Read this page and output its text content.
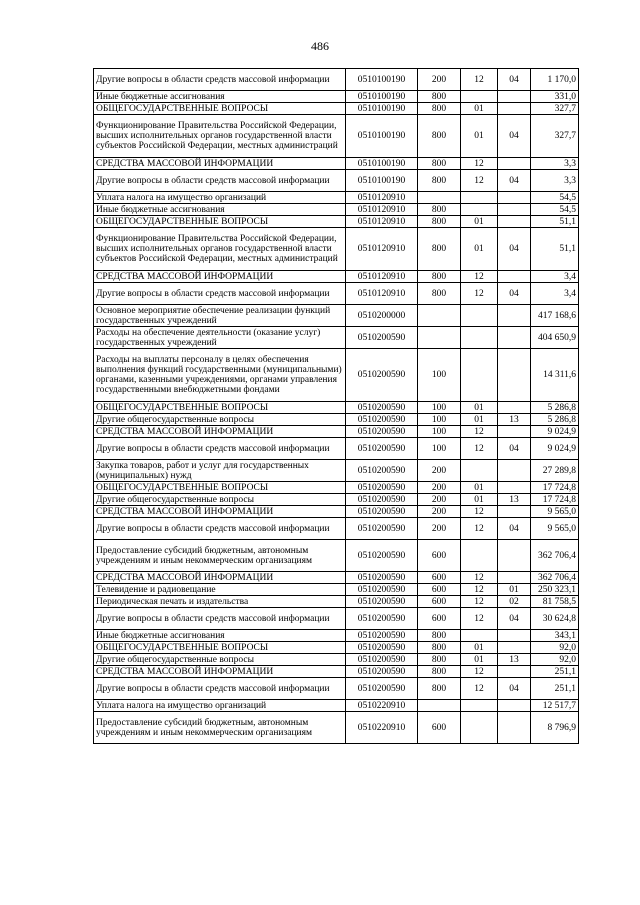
486
Другие вопросы в области средств массовой информации	0510100190	200	12	04	1 170,0
Иные бюджетные ассигнования	0510100190	800			331,0
ОБЩЕГОСУДАРСТВЕННЫЕ ВОПРОСЫ	0510100190	800	01		327,7
Функционирование Правительства Российской Федерации, высших исполнительных органов государственной власти субъектов Российской Федерации, местных администраций	0510100190	800	01	04	327,7
СРЕДСТВА МАССОВОЙ ИНФОРМАЦИИ	0510100190	800	12		3,3
Другие вопросы в области средств массовой информации	0510100190	800	12	04	3,3
Уплата налога на имущество организаций	0510120910				54,5
Иные бюджетные ассигнования	0510120910	800			54,5
ОБЩЕГОСУДАРСТВЕННЫЕ ВОПРОСЫ	0510120910	800	01		51,1
Функционирование Правительства Российской Федерации, высших исполнительных органов государственной власти субъектов Российской Федерации, местных администраций	0510120910	800	01	04	51,1
СРЕДСТВА МАССОВОЙ ИНФОРМАЦИИ	0510120910	800	12		3,4
Другие вопросы в области средств массовой информации	0510120910	800	12	04	3,4
Основное мероприятие обеспечение реализации функций государственных учреждений	0510200000				417 168,6
Расходы на обеспечение деятельности (оказание услуг) государственных учреждений	0510200590				404 650,9
Расходы на выплаты персоналу в целях обеспечения выполнения функций государственными (муниципальными) органами, казенными учреждениями, органами управления государственными внебюджетными фондами	0510200590	100			14 311,6
ОБЩЕГОСУДАРСТВЕННЫЕ ВОПРОСЫ	0510200590	100	01		5 286,8
Другие общегосударственные вопросы	0510200590	100	01	13	5 286,8
СРЕДСТВА МАССОВОЙ ИНФОРМАЦИИ	0510200590	100	12		9 024,9
Другие вопросы в области средств массовой информации	0510200590	100	12	04	9 024,9
Закупка товаров, работ и услуг для государственных (муниципальных) нужд	0510200590	200			27 289,8
ОБЩЕГОСУДАРСТВЕННЫЕ ВОПРОСЫ	0510200590	200	01		17 724,8
Другие общегосударственные вопросы	0510200590	200	01	13	17 724,8
СРЕДСТВА МАССОВОЙ ИНФОРМАЦИИ	0510200590	200	12		9 565,0
Другие вопросы в области средств массовой информации	0510200590	200	12	04	9 565,0
Предоставление субсидий бюджетным, автономным учреждениям и иным некоммерческим организациям	0510200590	600			362 706,4
СРЕДСТВА МАССОВОЙ ИНФОРМАЦИИ	0510200590	600	12		362 706,4
Телевидение и радиовещание	0510200590	600	12	01	250 323,1
Периодическая печать и издательства	0510200590	600	12	02	81 758,5
Другие вопросы в области средств массовой информации	0510200590	600	12	04	30 624,8
Иные бюджетные ассигнования	0510200590	800			343,1
ОБЩЕГОСУДАРСТВЕННЫЕ ВОПРОСЫ	0510200590	800	01		92,0
Другие общегосударственные вопросы	0510200590	800	01	13	92,0
СРЕДСТВА МАССОВОЙ ИНФОРМАЦИИ	0510200590	800	12		251,1
Другие вопросы в области средств массовой информации	0510200590	800	12	04	251,1
Уплата налога на имущество организаций	0510220910				12 517,7
Предоставление субсидий бюджетным, автономным учреждениям и иным некоммерческим организациям	0510220910	600			8 796,9
